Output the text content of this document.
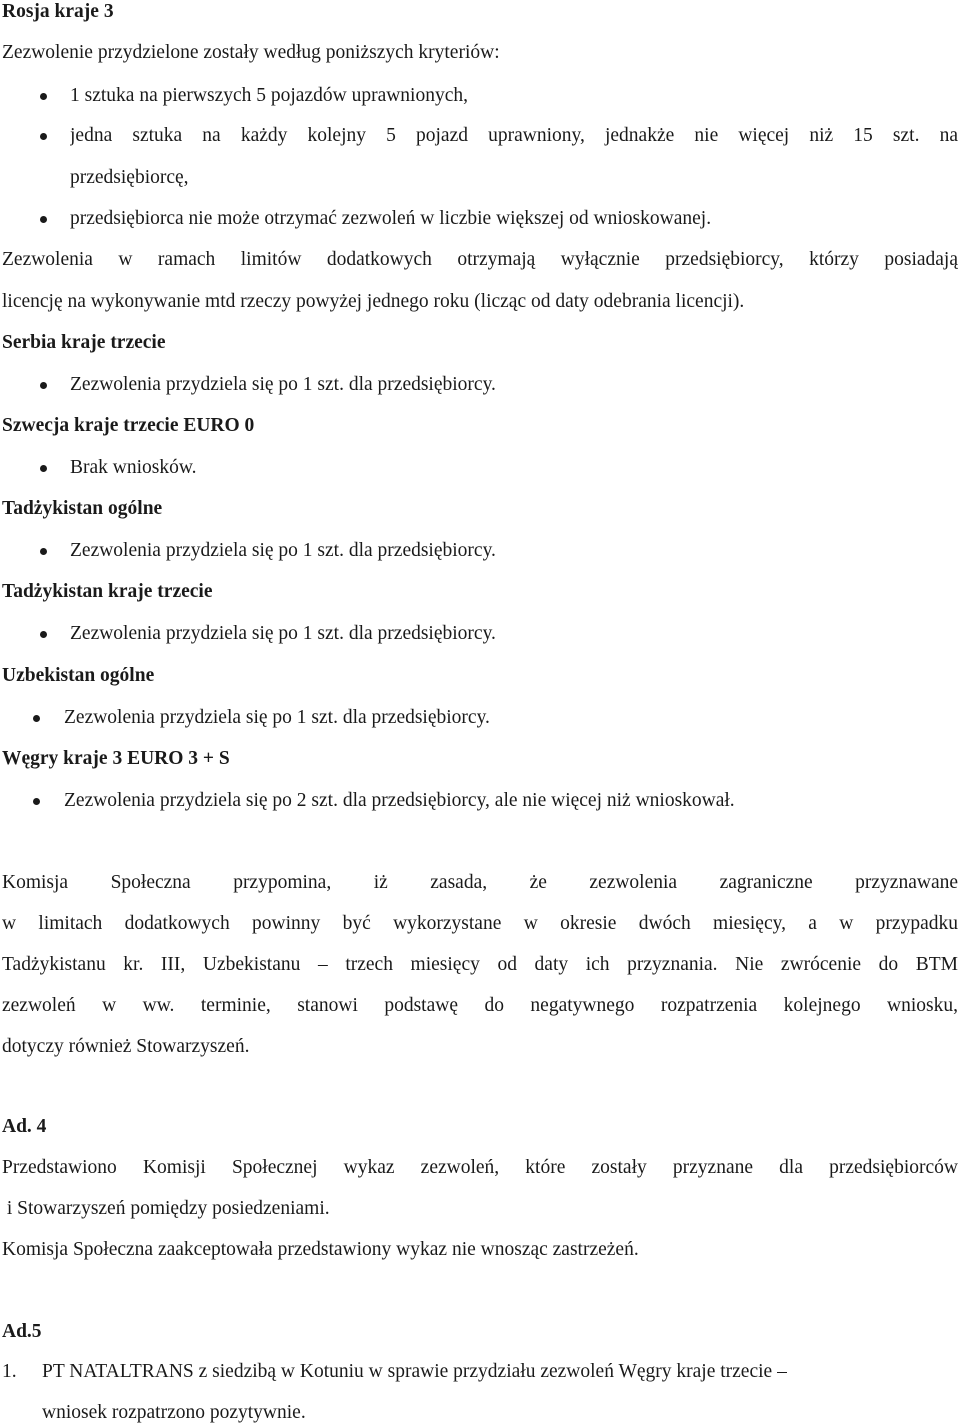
Rosja kraje 3
Zezwolenie przydzielone zostały według poniższych kryteriów:
1 sztuka na pierwszych 5 pojazdów uprawnionych,
jedna sztuka na każdy kolejny 5 pojazd uprawniony, jednakże nie więcej niż 15 szt. na
przedsiębiorcę,
przedsiębiorca nie może otrzymać zezwoleń w liczbie większej od wnioskowanej.
Zezwolenia w ramach limitów dodatkowych otrzymają wyłącznie przedsiębiorcy, którzy posiadają
licencję na wykonywanie mtd rzeczy powyżej jednego roku (licząc od daty odebrania licencji).
Serbia kraje trzecie
Zezwolenia przydziela się po 1 szt. dla przedsiębiorcy.
Szwecja kraje trzecie EURO 0
Brak wniosków.
Tadżykistan ogólne
Zezwolenia przydziela się po 1 szt. dla przedsiębiorcy.
Tadżykistan kraje trzecie
Zezwolenia przydziela się po 1 szt. dla przedsiębiorcy.
Uzbekistan ogólne
Zezwolenia przydziela się po 1 szt. dla przedsiębiorcy.
Węgry kraje 3 EURO 3 + S
Zezwolenia przydziela się po 2 szt. dla przedsiębiorcy, ale nie więcej niż wnioskował.
Komisja Społeczna przypomina, iż zasada, że zezwolenia zagraniczne przyznawane
w limitach dodatkowych powinny być wykorzystane w okresie dwóch miesięcy, a w przypadku
Tadżykistanu kr. III, Uzbekistanu – trzech miesięcy od daty ich przyznania. Nie zwrócenie do BTM
zezwoleń w ww. terminie, stanowi podstawę do negatywnego rozpatrzenia kolejnego wniosku,
dotyczy również Stowarzyszeń.
Ad. 4
Przedstawiono Komisji Społecznej wykaz zezwoleń, które zostały przyznane dla przedsiębiorców
i Stowarzyszeń pomiędzy posiedzeniami.
Komisja Społeczna zaakceptowała przedstawiony wykaz nie wnosząc zastrzeżeń.
Ad.5
1.	PT NATALTRANS z siedzibą w Kotuniu w sprawie przydziału zezwoleń Węgry kraje trzecie –
wniosek rozpatrzono pozytywnie.
